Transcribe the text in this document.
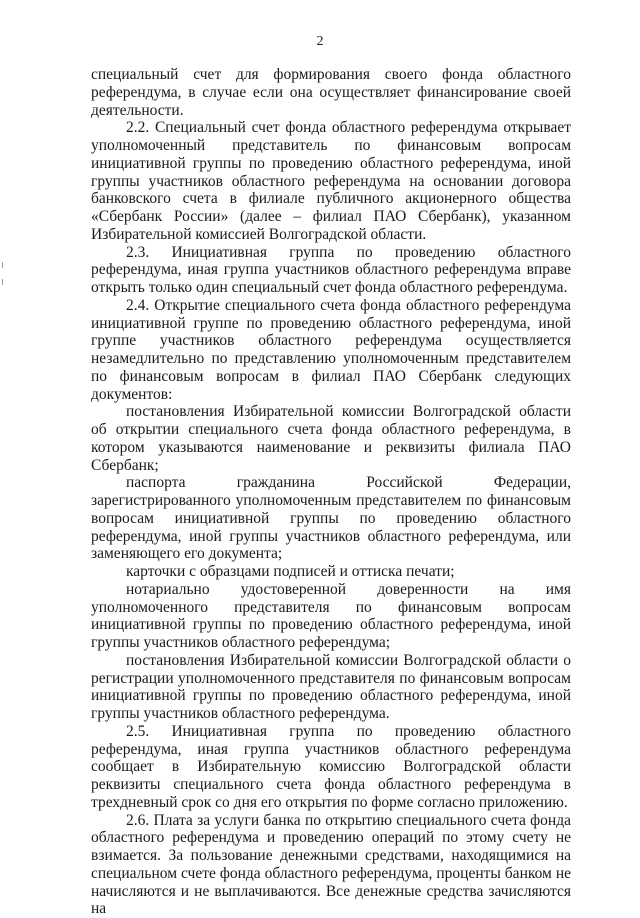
2

специальный счет для формирования своего фонда областного референдума, в случае если она осуществляет финансирование своей деятельности.

2.2. Специальный счет фонда областного референдума открывает уполномоченный представитель по финансовым вопросам инициативной группы по проведению областного референдума, иной группы участников областного референдума на основании договора банковского счета в филиале публичного акционерного общества «Сбербанк России» (далее – филиал ПАО Сбербанк), указанном Избирательной комиссией Волгоградской области.

2.3. Инициативная группа по проведению областного референдума, иная группа участников областного референдума вправе открыть только один специальный счет фонда областного референдума.

2.4. Открытие специального счета фонда областного референдума инициативной группе по проведению областного референдума, иной группе участников областного референдума осуществляется незамедлительно по представлению уполномоченным представителем по финансовым вопросам в филиал ПАО Сбербанк следующих документов:

постановления Избирательной комиссии Волгоградской области об открытии специального счета фонда областного референдума, в котором указываются наименование и реквизиты филиала ПАО Сбербанк;

паспорта гражданина Российской Федерации, зарегистрированного уполномоченным представителем по финансовым вопросам инициативной группы по проведению областного референдума, иной группы участников областного референдума, или заменяющего его документа;

карточки с образцами подписей и оттиска печати;

нотариально удостоверенной доверенности на имя уполномоченного представителя по финансовым вопросам инициативной группы по проведению областного референдума, иной группы участников областного референдума;

постановления Избирательной комиссии Волгоградской области о регистрации уполномоченного представителя по финансовым вопросам инициативной группы по проведению областного референдума, иной группы участников областного референдума.

2.5. Инициативная группа по проведению областного референдума, иная группа участников областного референдума сообщает в Избирательную комиссию Волгоградской области реквизиты специального счета фонда областного референдума в трехдневный срок со дня его открытия по форме согласно приложению.

2.6. Плата за услуги банка по открытию специального счета фонда областного референдума и проведению операций по этому счету не взимается. За пользование денежными средствами, находящимися на специальном счете фонда областного референдума, проценты банком не начисляются и не выплачиваются. Все денежные средства зачисляются на
